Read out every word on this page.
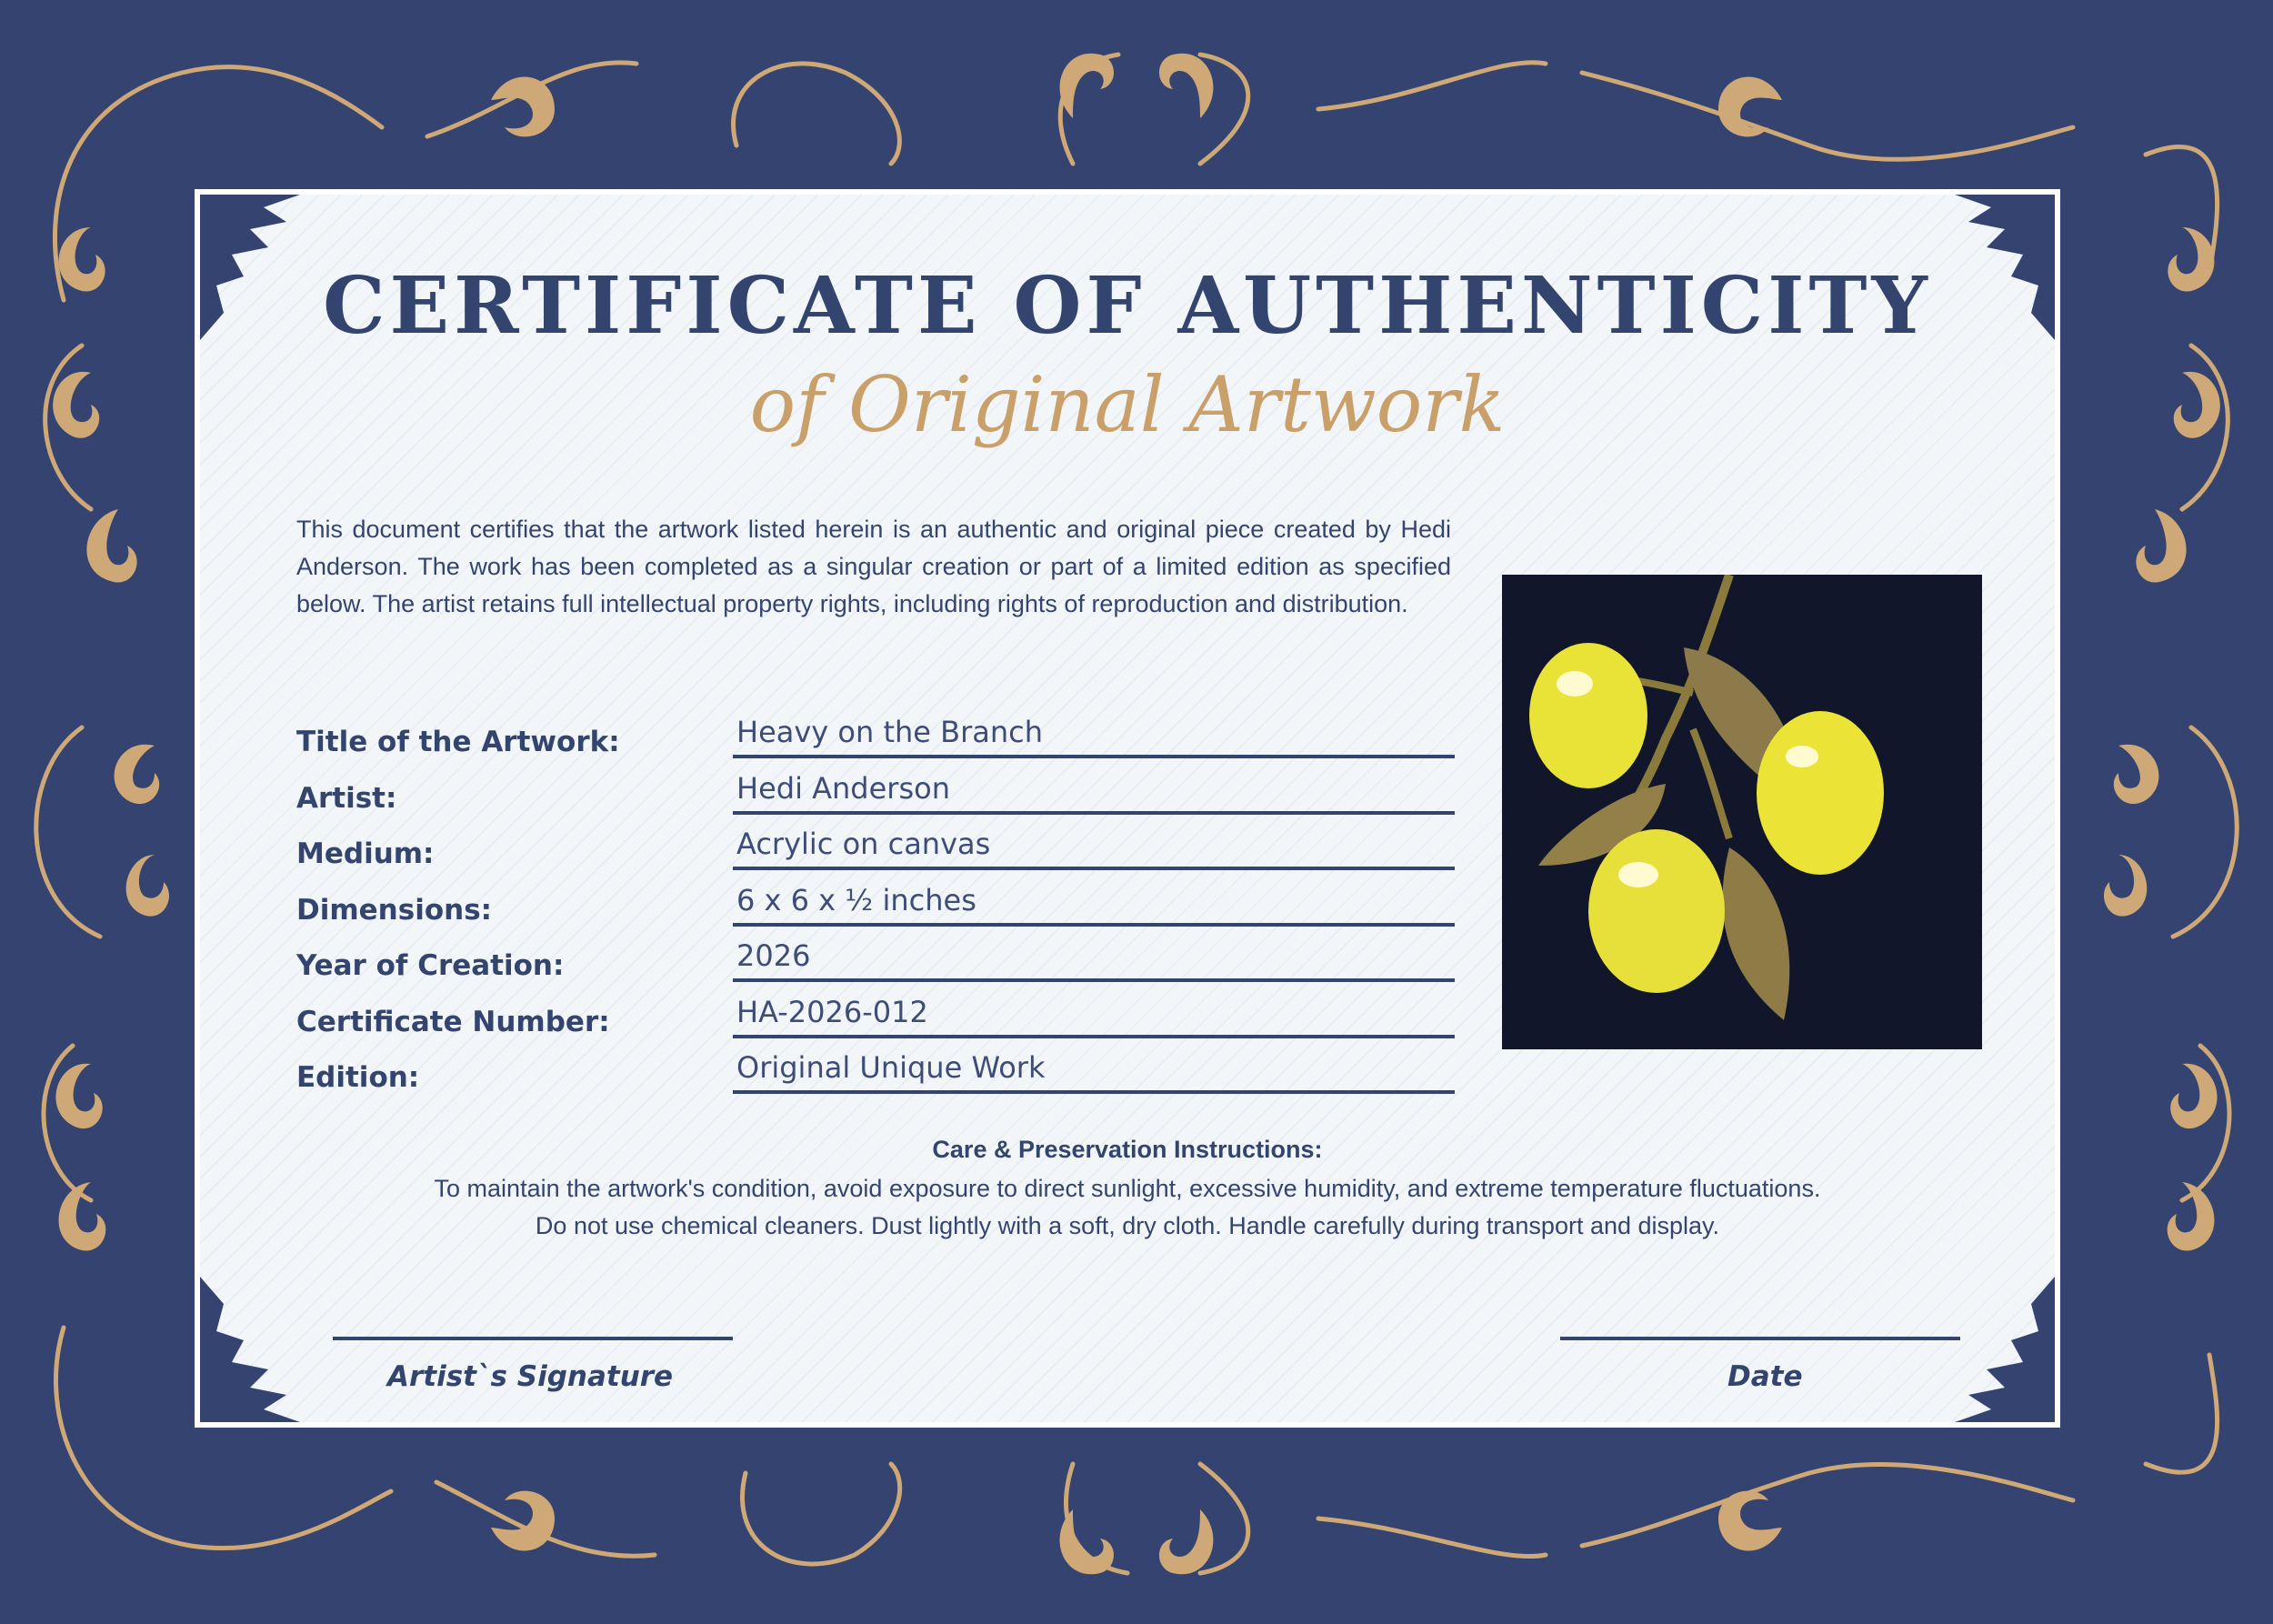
CERTIFICATE OF AUTHENTICITY
of Original Artwork
This document certifies that the artwork listed herein is an authentic and original piece created by Hedi Anderson. The work has been completed as a singular creation or part of a limited edition as specified below. The artist retains full intellectual property rights, including rights of reproduction and distribution.
Title of the Artwork:	Heavy on the Branch
Artist:	Hedi Anderson
Medium:	Acrylic on canvas
Dimensions:	6 x 6 x ½ inches
Year of Creation:	2026
Certificate Number:	HA-2026-012
Edition:	Original Unique Work
Care & Preservation Instructions:
To maintain the artwork's condition, avoid exposure to direct sunlight, excessive humidity, and extreme temperature fluctuations. Do not use chemical cleaners. Dust lightly with a soft, dry cloth. Handle carefully during transport and display.
Artist`s Signature	Date
